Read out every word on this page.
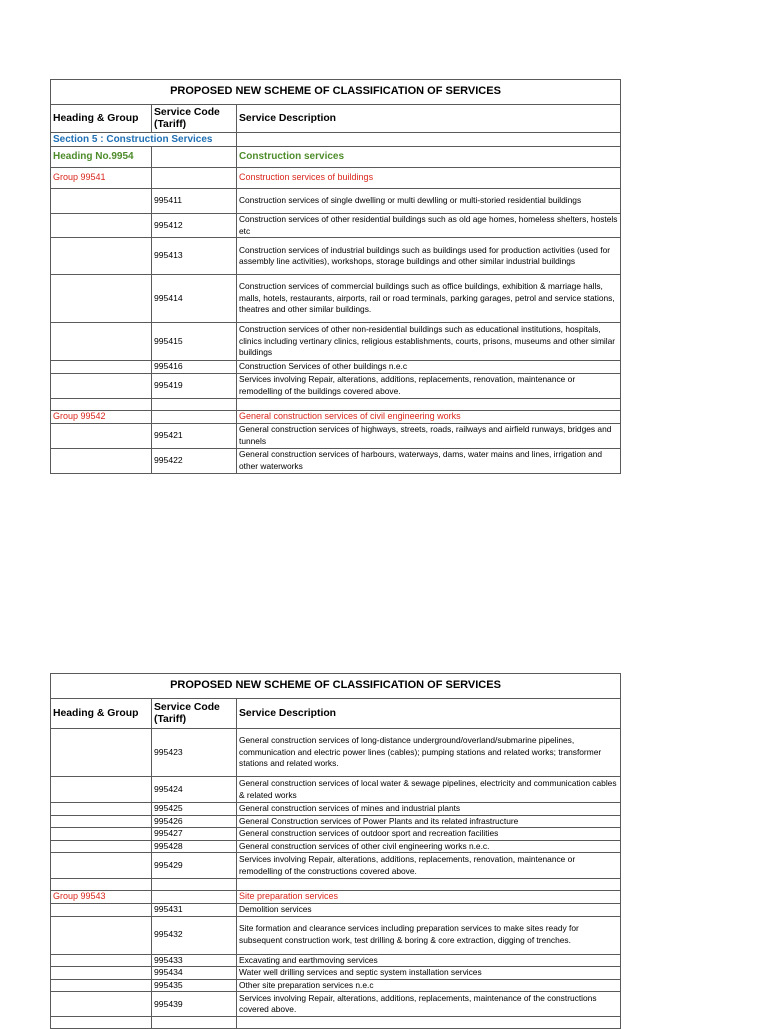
PROPOSED NEW SCHEME OF CLASSIFICATION OF SERVICES		
Heading & Group	Service Code (Tariff)	Service Description
Section 5 : Construction Services		
Heading No.9954		Construction services
Group 99541		Construction services of buildings
	995411	Construction services of single dwelling or multi dewlling or multi-storied residential buildings
	995412	Construction services of other residential buildings such as old age homes, homeless shelters, hostels etc
	995413	Construction services of industrial buildings such as buildings used for production activities (used for assembly line activities), workshops, storage buildings and other similar industrial buildings
	995414	Construction services of commercial buildings such as office buildings, exhibition & marriage halls, malls, hotels, restaurants, airports, rail or road terminals, parking garages, petrol and service stations, theatres and other similar buildings.
	995415	Construction services of other non-residential buildings such as educational institutions, hospitals, clinics including vertinary clinics, religious establishments, courts, prisons, museums and other similar buildings
	995416	Construction Services of other buildings n.e.c
	995419	Services involving Repair, alterations, additions, replacements, renovation, maintenance or remodelling of the buildings covered above.

Group 99542		General construction services of civil engineering works
	995421	General construction services of highways, streets, roads, railways and airfield runways, bridges and tunnels
	995422	General construction services of harbours, waterways, dams, water mains and lines, irrigation and other waterworks
PROPOSED NEW SCHEME OF CLASSIFICATION OF SERVICES		
Heading & Group	Service Code (Tariff)	Service Description
	995423	General construction services of long-distance underground/overland/submarine pipelines, communication and electric power lines (cables); pumping stations and related works; transformer stations and related works.
	995424	General construction services of local water & sewage pipelines, electricity and communication cables & related works
	995425	General construction services of mines and industrial plants
	995426	General Construction services of Power Plants and its related infrastructure
	995427	General construction services of outdoor sport and recreation facilities
	995428	General construction services of other civil engineering works n.e.c.
	995429	Services involving Repair, alterations, additions, replacements, renovation, maintenance or remodelling of the constructions covered above.

Group 99543		Site preparation services
	995431	Demolition services
	995432	Site formation and clearance services including preparation services to make sites ready for subsequent construction work, test drilling & boring & core extraction, digging of trenches.
	995433	Excavating and earthmoving services
	995434	Water well drilling services and septic system installation services
	995435	Other site preparation services n.e.c
	995439	Services involving Repair, alterations, additions, replacements, maintenance of the constructions covered above.
